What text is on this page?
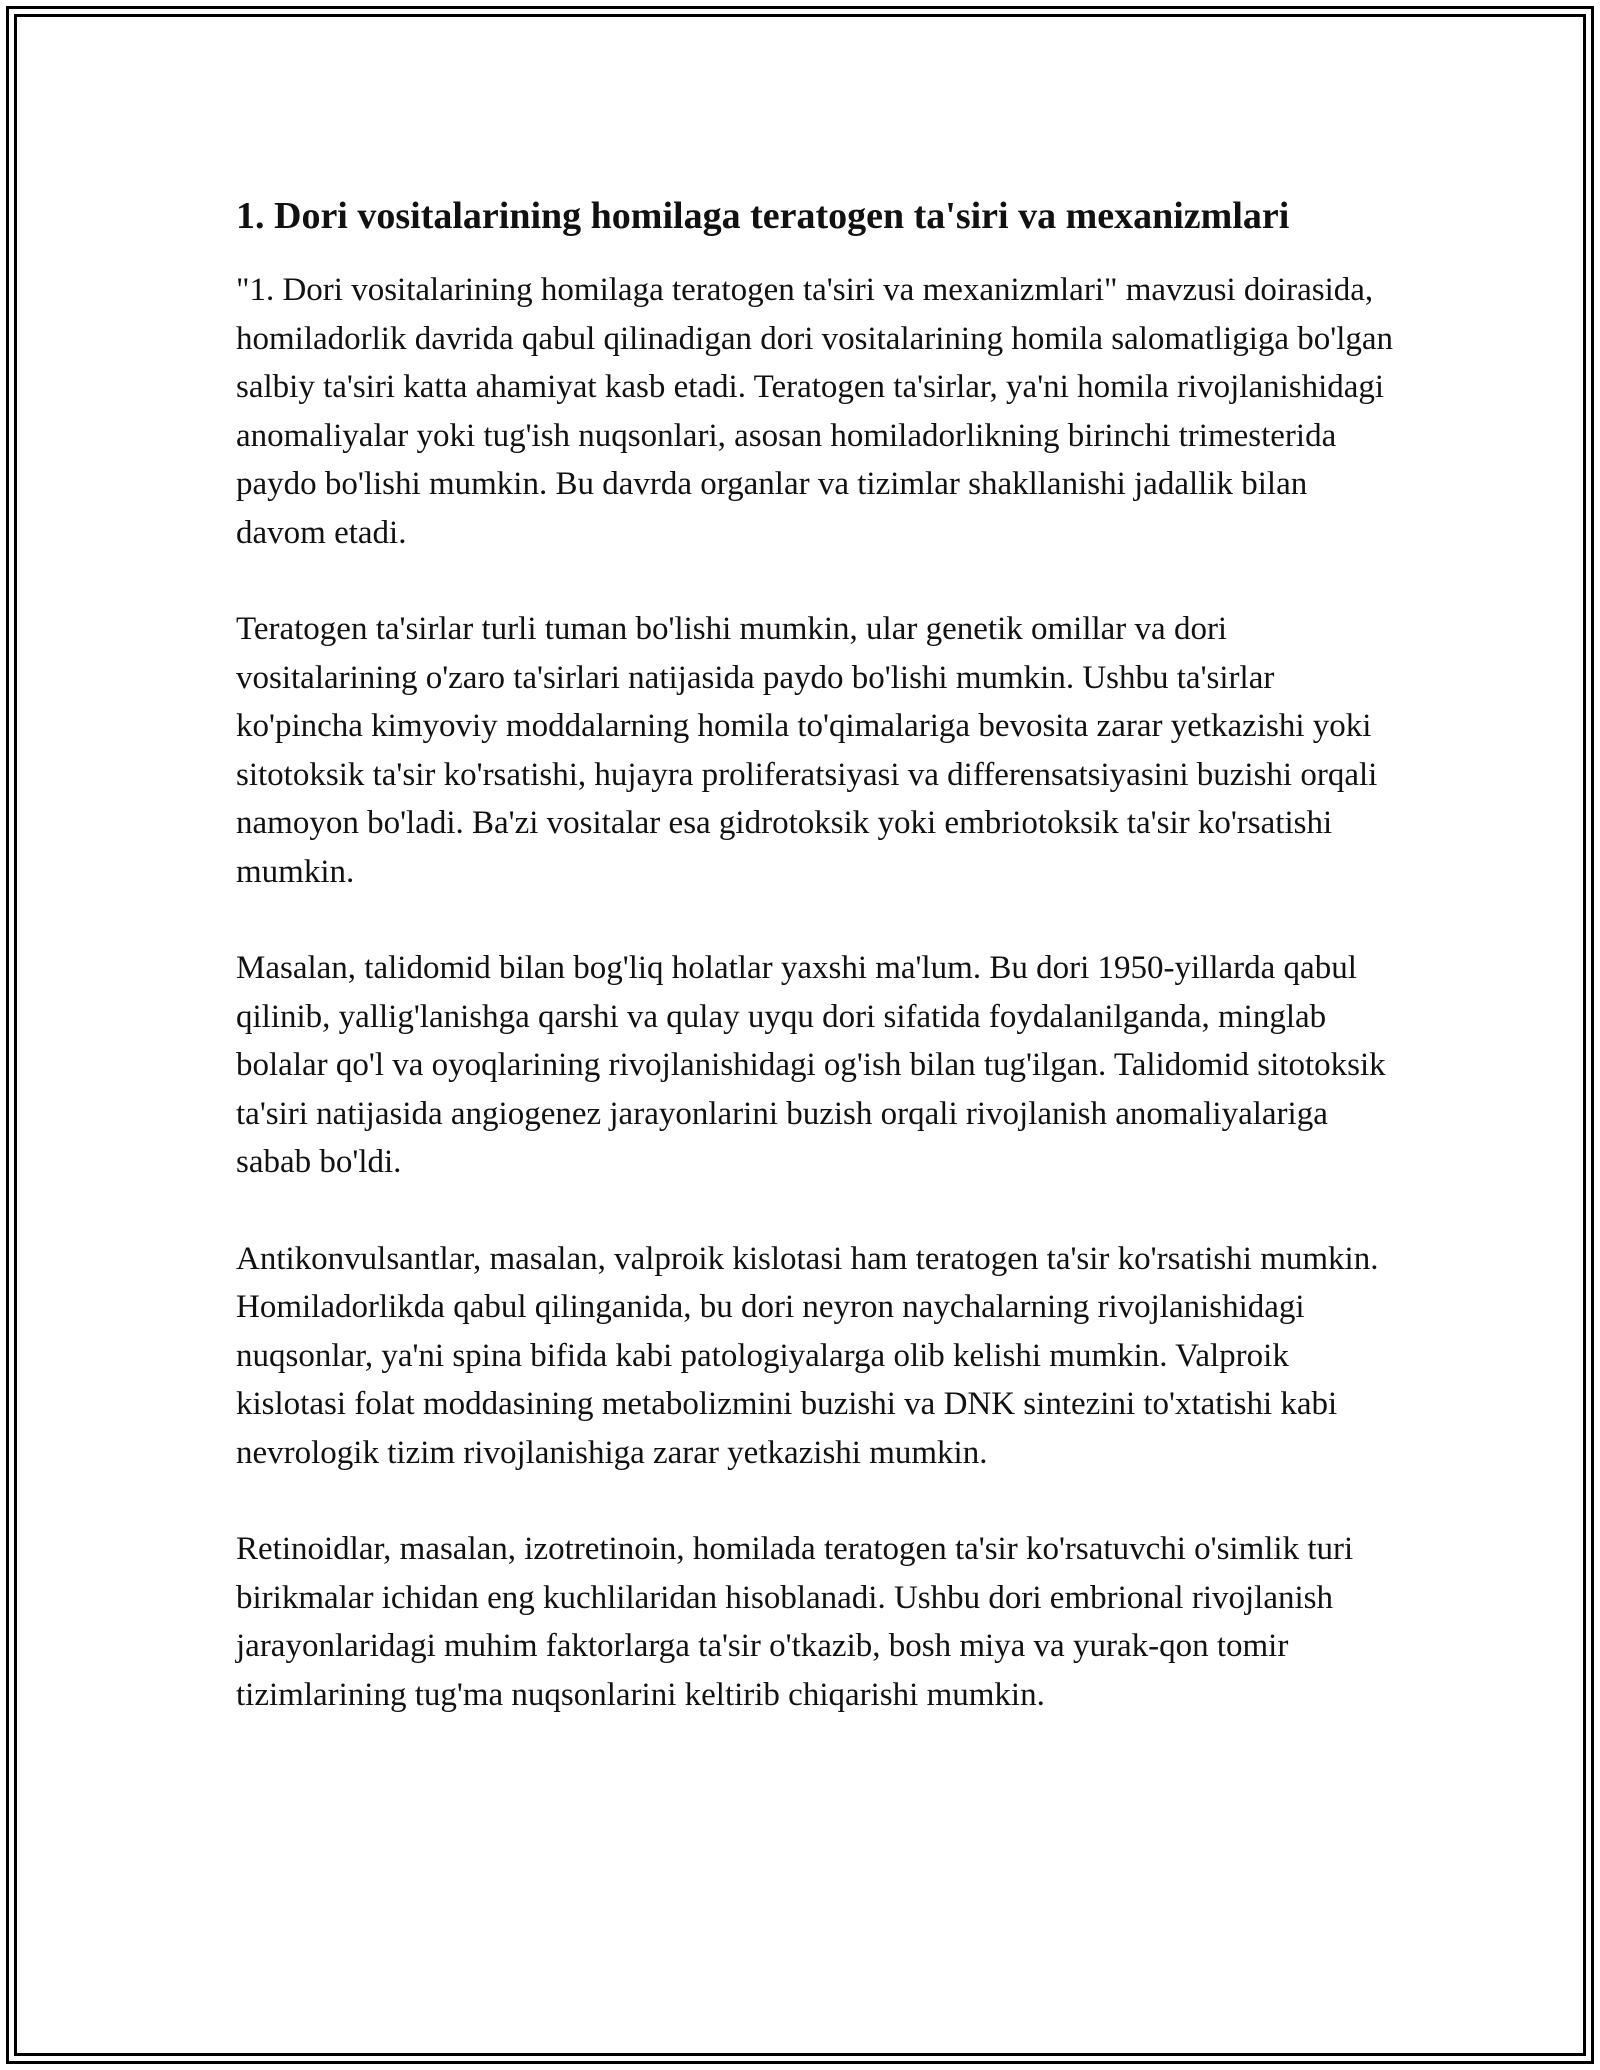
1. Dori vositalarining homilaga teratogen ta'siri va mexanizmlari

"1. Dori vositalarining homilaga teratogen ta'siri va mexanizmlari" mavzusi doirasida, homiladorlik davrida qabul qilinadigan dori vositalarining homila salomatligiga bo'lgan salbiy ta'siri katta ahamiyat kasb etadi. Teratogen ta'sirlar, ya'ni homila rivojlanishidagi anomaliyalar yoki tug'ish nuqsonlari, asosan homiladorlikning birinchi trimesterida paydo bo'lishi mumkin. Bu davrda organlar va tizimlar shakllanishi jadallik bilan davom etadi.

Teratogen ta'sirlar turli tuman bo'lishi mumkin, ular genetik omillar va dori vositalarining o'zaro ta'sirlari natijasida paydo bo'lishi mumkin. Ushbu ta'sirlar ko'pincha kimyoviy moddalarning homila to'qimalariga bevosita zarar yetkazishi yoki sitotoksik ta'sir ko'rsatishi, hujayra proliferatsiyasi va differensatsiyasini buzishi orqali namoyon bo'ladi. Ba'zi vositalar esa gidrotoksik yoki embriotoksik ta'sir ko'rsatishi mumkin.

Masalan, talidomid bilan bog'liq holatlar yaxshi ma'lum. Bu dori 1950-yillarda qabul qilinib, yallig'lanishga qarshi va qulay uyqu dori sifatida foydalanilganda, minglab bolalar qo'l va oyoqlarining rivojlanishidagi og'ish bilan tug'ilgan. Talidomid sitotoksik ta'siri natijasida angiogenez jarayonlarini buzish orqali rivojlanish anomaliyalariga sabab bo'ldi.

Antikonvulsantlar, masalan, valproik kislotasi ham teratogen ta'sir ko'rsatishi mumkin. Homiladorlikda qabul qilinganida, bu dori neyron naychalarning rivojlanishidagi nuqsonlar, ya'ni spina bifida kabi patologiyalarga olib kelishi mumkin. Valproik kislotasi folat moddasining metabolizmini buzishi va DNK sintezini to'xtatishi kabi nevrologik tizim rivojlanishiga zarar yetkazishi mumkin.

Retinoidlar, masalan, izotretinoin, homilada teratogen ta'sir ko'rsatuvchi o'simlik turi birikmalar ichidan eng kuchlilaridan hisoblanadi. Ushbu dori embrional rivojlanish jarayonlaridagi muhim faktorlarga ta'sir o'tkazib, bosh miya va yurak-qon tomir tizimlarining tug'ma nuqsonlarini keltirib chiqarishi mumkin.
